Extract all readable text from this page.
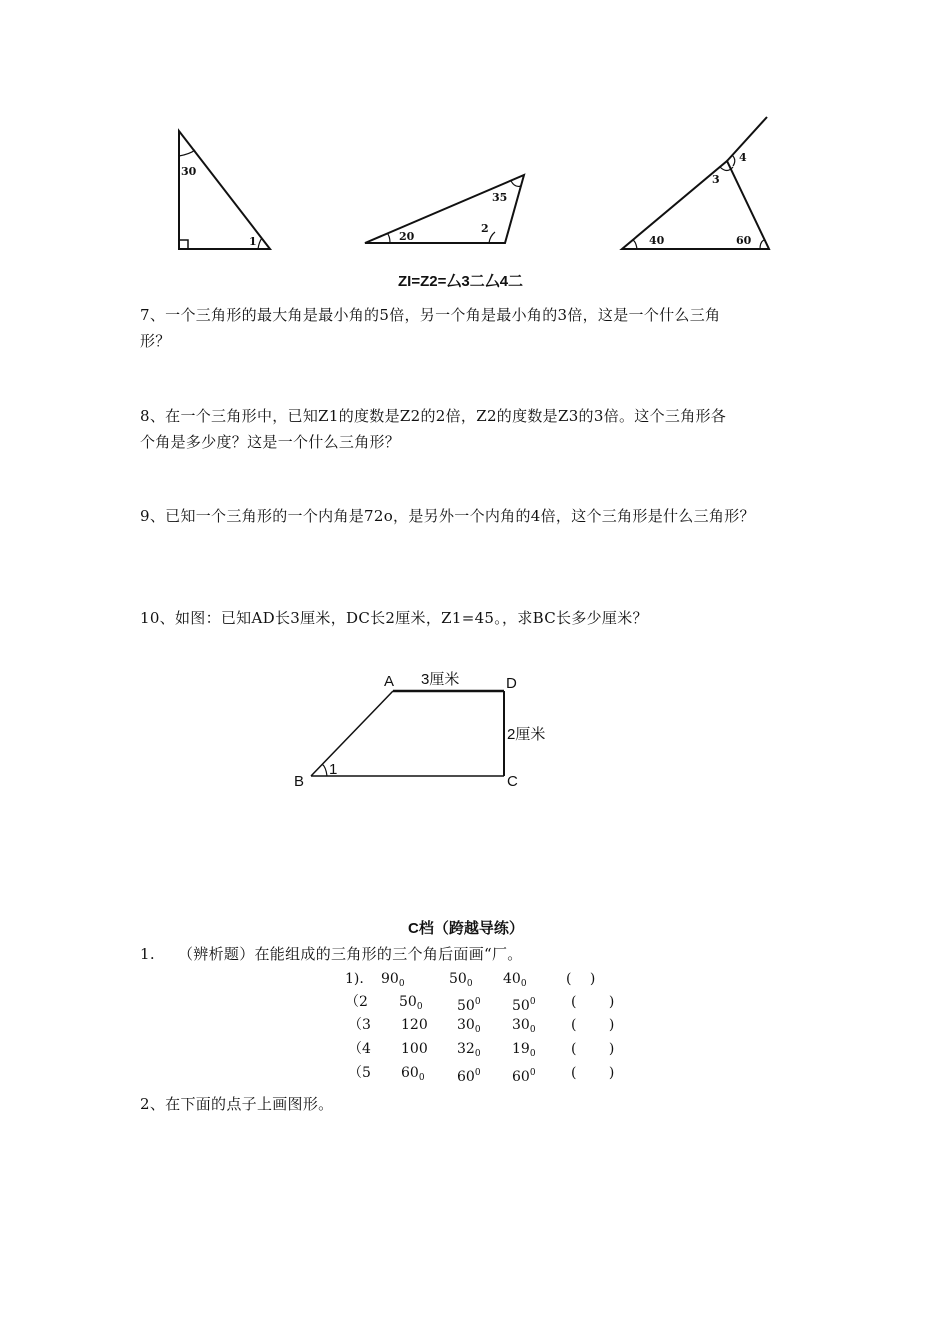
30
1
35
20
2
4
3
40	60
ZI=Z2=厶3二厶4二
7、一个三角形的最大角是最小角的5倍，另一个角是最小角的3倍，这是一个什么三角
形？
8、在一个三角形中，已知Z1的度数是Z2的2倍，Z2的度数是Z3的3倍。这个三角形各
个角是多少度？这是一个什么三角形？
9、已知一个三角形的一个内角是72o，是另外一个内角的4倍，这个三角形是什么三角形？
10、如图：已知AD长3厘米，DC长2厘米，Z1=45。，求BC长多少厘米？
A	D
B	C
3厘米
2厘米
1
C档（跨越导练）
1.　　（辨析题）在能组成的三角形的三个角后面画“厂。
1). $90_0$	$50_0$ $40_0$	(　 )
（2 $50_0$ $50^0$ $50^0$	(　 　)
（3 120 $30_0$ $30_0$	(　 　)
（4 100 $32_0$ $19_0$	(　 　)
（5 $60_0$ $60^0$ $60^0$	(　 　)
2、在下面的点子上画图形。
